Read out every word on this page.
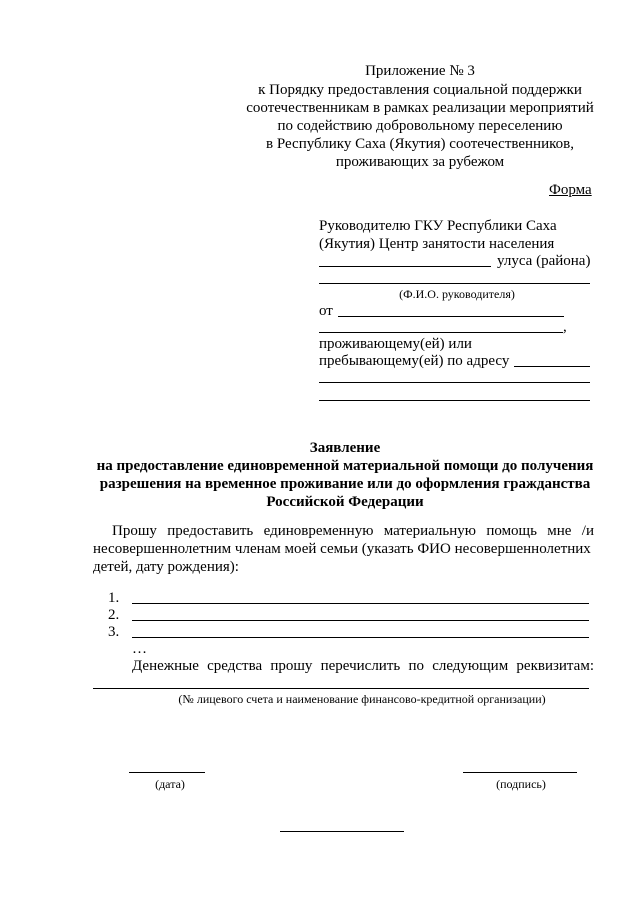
Приложение № 3
к Порядку предоставления социальной поддержки
соотечественникам в рамках реализации мероприятий
по содействию добровольному переселению
в Республику Саха (Якутия) соотечественников,
проживающих за рубежом
Форма
Руководителю ГКУ Республики Саха
(Якутия) Центр занятости населения
улуса (района)
(Ф.И.О. руководителя)
от
,
проживающему(ей) или
пребывающему(ей) по адресу
Заявление
на предоставление единовременной материальной помощи до получения
разрешения на временное проживание или до оформления гражданства
Российской Федерации
Прошу предоставить единовременную материальную помощь мне /и
несовершеннолетним членам моей семьи (указать ФИО несовершеннолетних
детей, дату рождения):
1.
2.
3.
…
Денежные средства прошу перечислить по следующим реквизитам:
(№ лицевого счета и наименование финансово-кредитной организации)
(дата)	(подпись)
